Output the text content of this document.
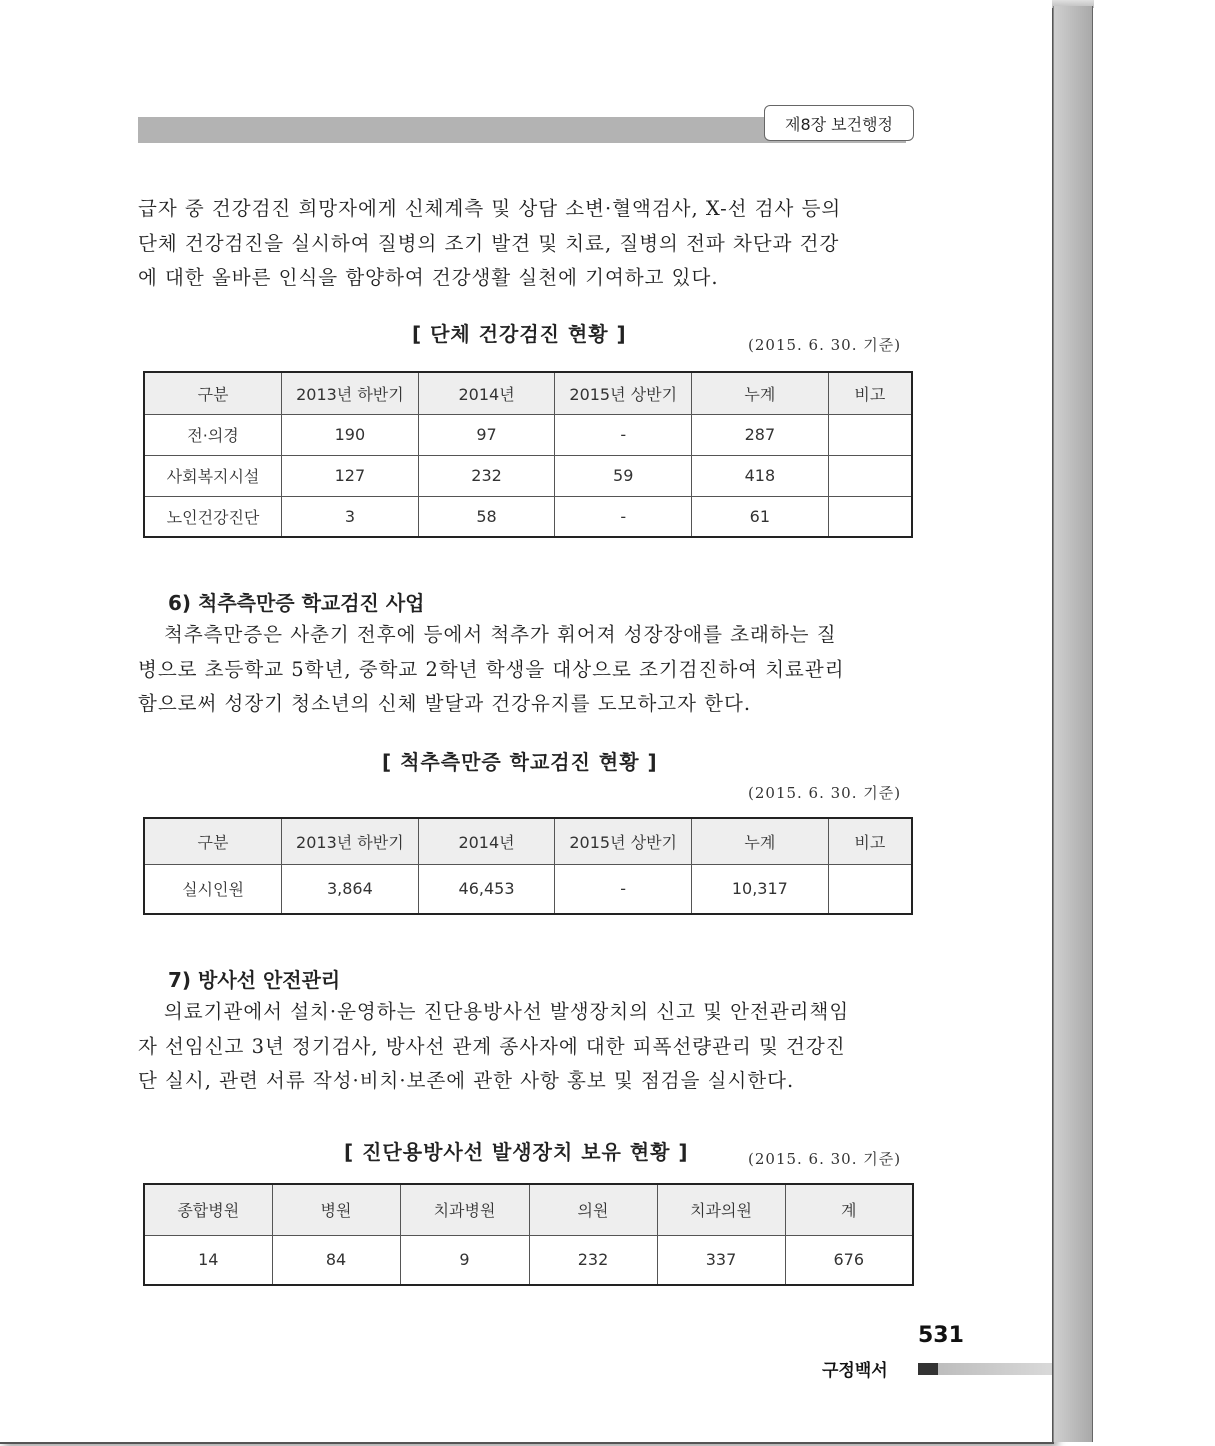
제8장 보건행정

급자 중 건강검진 희망자에게 신체계측 및 상담 소변·혈액검사, X-선 검사 등의
단체 건강검진을 실시하여 질병의 조기 발견 및 치료, 질병의 전파 차단과 건강
에 대한 올바른 인식을 함양하여 건강생활 실천에 기여하고 있다.

[ 단체 건강검진 현황 ]	(2015. 6. 30. 기준)
구분	2013년 하반기	2014년	2015년 상반기	누계	비고
전·의경	190	97	-	287	
사회복지시설	127	232	59	418	
노인건강진단	3	58	-	61	
6) 척추측만증 학교검진 사업

척추측만증은 사춘기 전후에 등에서 척추가 휘어져 성장장애를 초래하는 질
병으로 초등학교 5학년, 중학교 2학년 학생을 대상으로 조기검진하여 치료관리
함으로써 성장기 청소년의 신체 발달과 건강유지를 도모하고자 한다.

[ 척추측만증 학교검진 현황 ]
(2015. 6. 30. 기준)
구분	2013년 하반기	2014년	2015년 상반기	누계	비고
실시인원	3,864	46,453	-	10,317	
7) 방사선 안전관리

의료기관에서 설치·운영하는 진단용방사선 발생장치의 신고 및 안전관리책임
자 선임신고 3년 정기검사, 방사선 관계 종사자에 대한 피폭선량관리 및 건강진
단 실시, 관련 서류 작성·비치·보존에 관한 사항 홍보 및 점검을 실시한다.

[ 진단용방사선 발생장치 보유 현황 ]	(2015. 6. 30. 기준)
종합병원	병원	치과병원	의원	치과의원	계
14	84	9	232	337	676
531
구정백서
